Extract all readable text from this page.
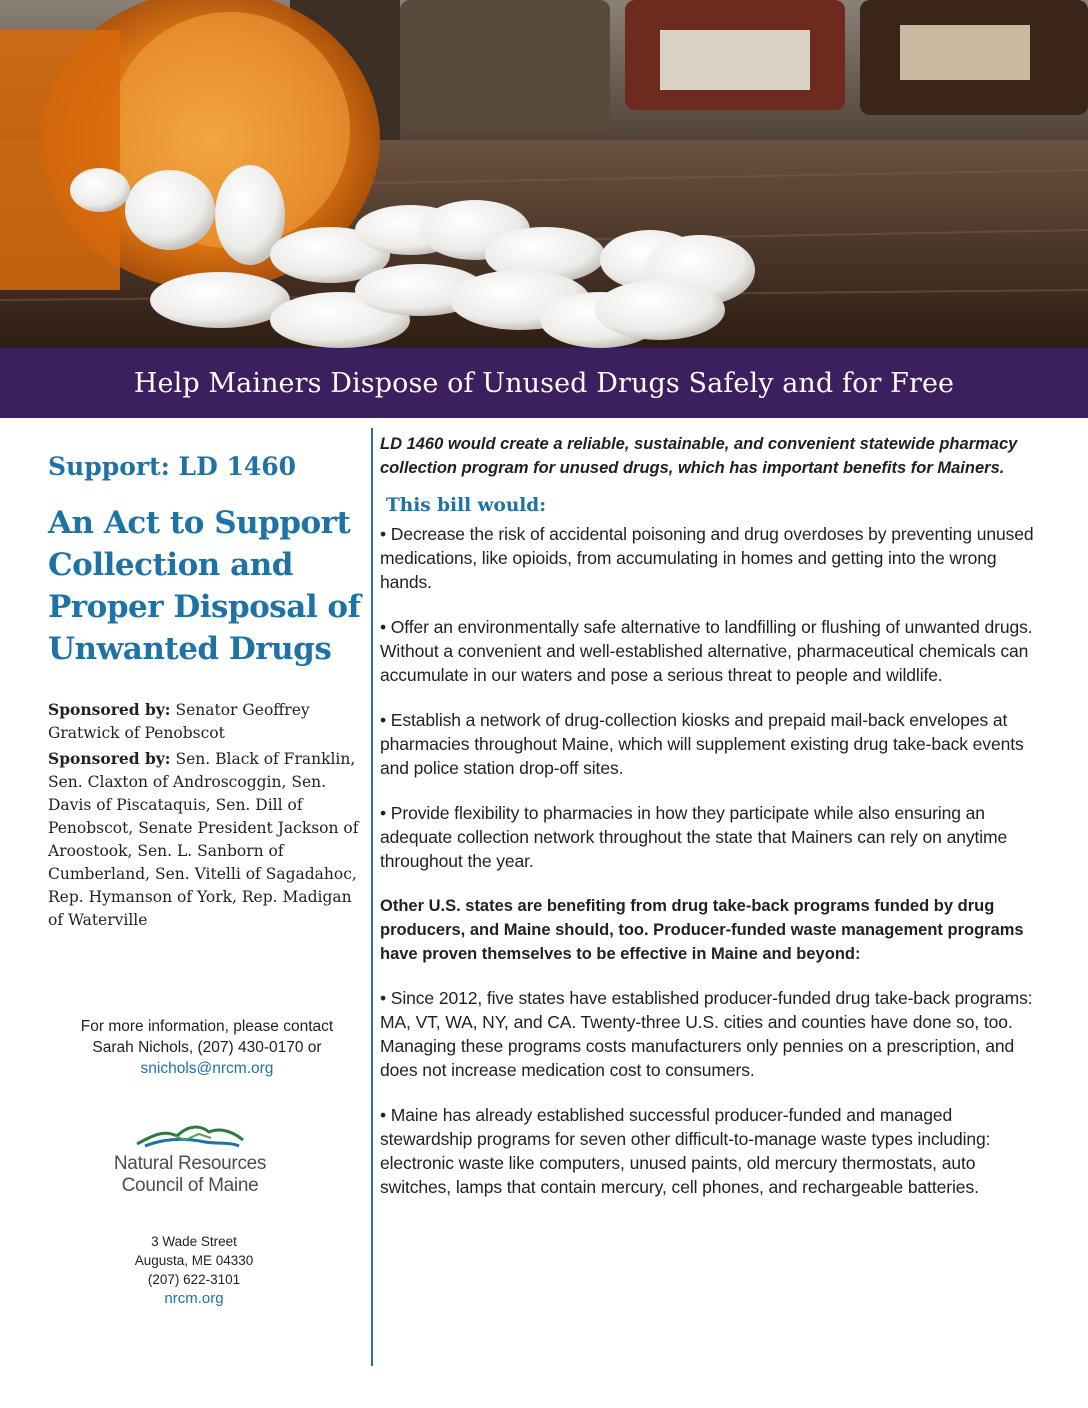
Help Mainers Dispose of Unused Drugs Safely and for Free
Support: LD 1460
An Act to Support
Collection and
Proper Disposal of
Unwanted Drugs

Sponsored by: Senator Geoffrey Gratwick of Penobscot

Sponsored by: Sen. Black of Franklin, Sen. Claxton of Androscoggin, Sen. Davis of Piscataquis, Sen. Dill of Penobscot, Senate President Jackson of Aroostook, Sen. L. Sanborn of Cumberland, Sen. Vitelli of Sagadahoc, Rep. Hymanson of York, Rep. Madigan of Waterville

For more information, please contact
Sarah Nichols, (207) 430-0170 or
snichols@nrcm.org
Natural Resources
Council of Maine
3 Wade Street
Augusta, ME 04330
(207) 622-3101
nrcm.org

LD 1460 would create a reliable, sustainable, and convenient statewide pharmacy collection program for unused drugs, which has important benefits for Mainers.

This bill would:

• Decrease the risk of accidental poisoning and drug overdoses by preventing unused medications, like opioids, from accumulating in homes and getting into the wrong hands.

• Offer an environmentally safe alternative to landfilling or flushing of unwanted drugs. Without a convenient and well-established alternative, pharmaceutical chemicals can accumulate in our waters and pose a serious threat to people and wildlife.

• Establish a network of drug-collection kiosks and prepaid mail-back envelopes at pharmacies throughout Maine, which will supplement existing drug take-back events and police station drop-off sites.

• Provide flexibility to pharmacies in how they participate while also ensuring an adequate collection network throughout the state that Mainers can rely on anytime throughout the year.

Other U.S. states are benefiting from drug take-back programs funded by drug producers, and Maine should, too. Producer-funded waste management programs have proven themselves to be effective in Maine and beyond:

• Since 2012, five states have established producer-funded drug take-back programs: MA, VT, WA, NY, and CA. Twenty-three U.S. cities and counties have done so, too. Managing these programs costs manufacturers only pennies on a prescription, and does not increase medication cost to consumers.

• Maine has already established successful producer-funded and managed stewardship programs for seven other difficult-to-manage waste types including: electronic waste like computers, unused paints, old mercury thermostats, auto switches, lamps that contain mercury, cell phones, and rechargeable batteries.
